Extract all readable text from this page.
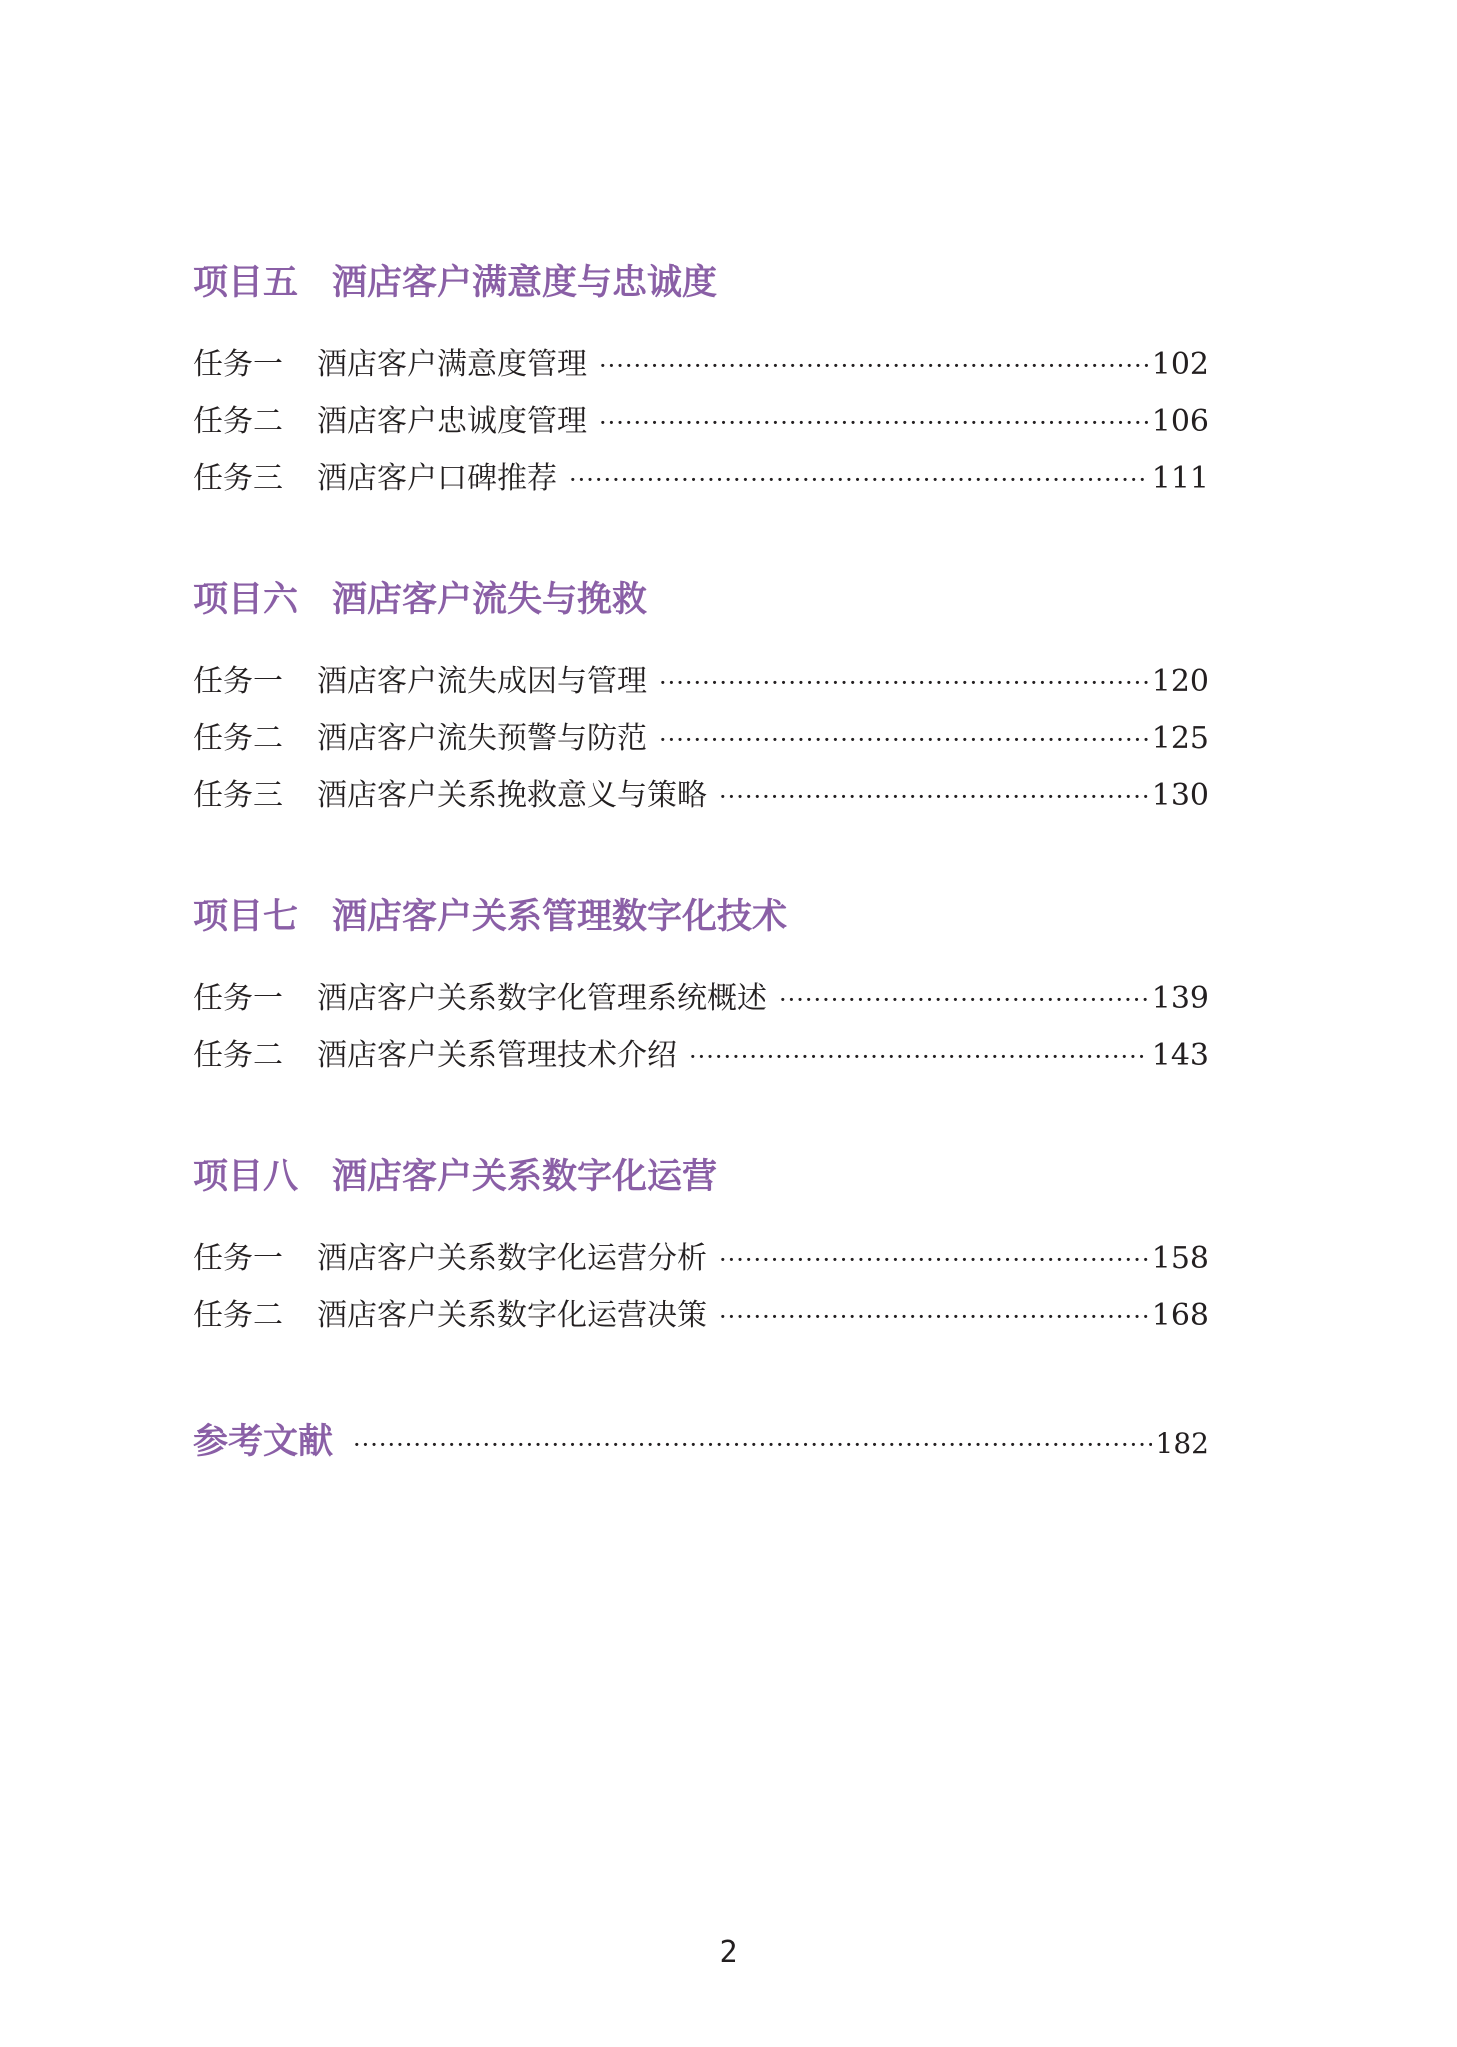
项目五 酒店客户满意度与忠诚度
任务一 酒店客户满意度管理 ·····	102
任务二 酒店客户忠诚度管理 ·····	106
任务三 酒店客户口碑推荐 ·····	111
项目六 酒店客户流失与挽救
任务一 酒店客户流失成因与管理 ·····	120
任务二 酒店客户流失预警与防范 ·····	125
任务三 酒店客户关系挽救意义与策略 ·····	130
项目七 酒店客户关系管理数字化技术
任务一 酒店客户关系数字化管理系统概述 ·····	139
任务二 酒店客户关系管理技术介绍 ·····	143
项目八 酒店客户关系数字化运营
任务一 酒店客户关系数字化运营分析 ·····	158
任务二 酒店客户关系数字化运营决策 ·····	168
参考文献 ·····	182
2
